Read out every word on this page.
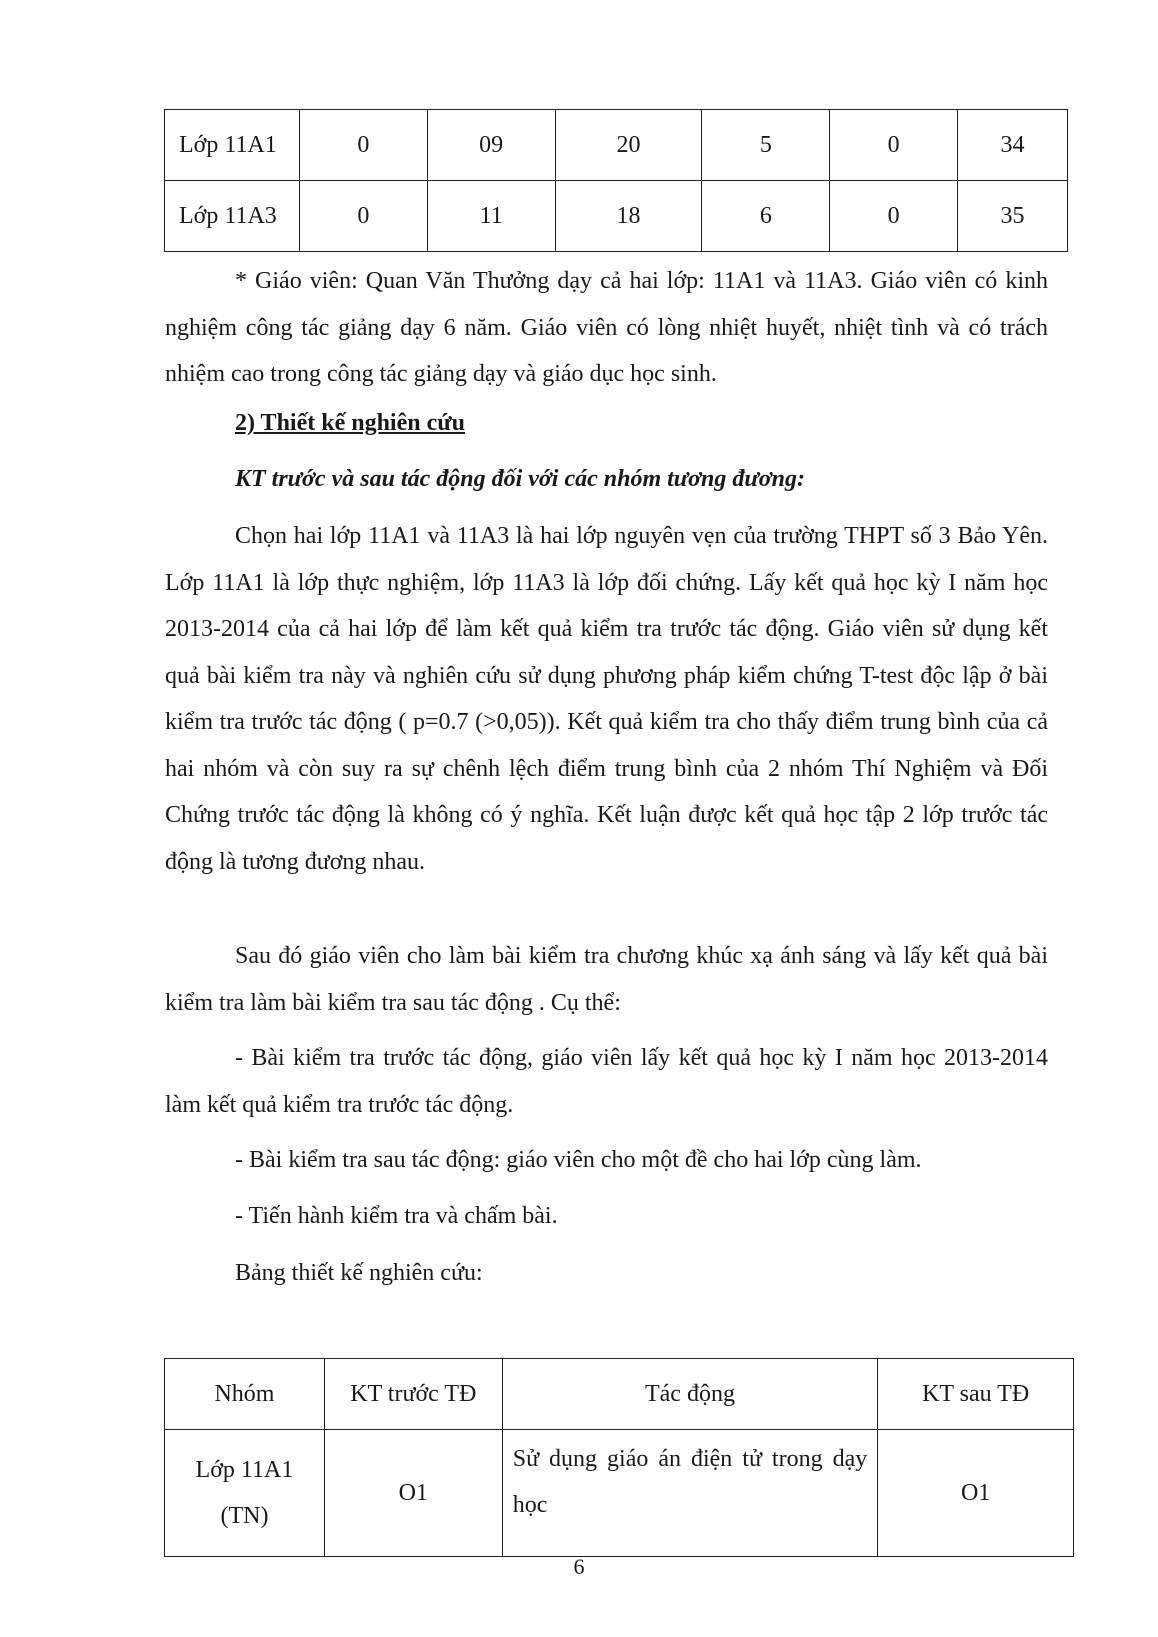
Lớp 11A1	0	09	20	5	0	34
Lớp 11A3	0	11	18	6	0	35
* Giáo viên: Quan Văn Thưởng dạy cả hai lớp: 11A1 và 11A3. Giáo viên có kinh nghiệm công tác giảng dạy 6 năm. Giáo viên có lòng nhiệt huyết, nhiệt tình và có trách nhiệm cao trong công tác giảng dạy và giáo dục học sinh.
2) Thiết kế nghiên cứu
KT trước và sau tác động đối với các nhóm tương đương:
Chọn hai lớp 11A1 và 11A3 là hai lớp nguyên vẹn của trường THPT số 3 Bảo Yên. Lớp 11A1 là lớp thực nghiệm, lớp 11A3 là lớp đối chứng. Lấy kết quả học kỳ I năm học 2013-2014 của cả hai lớp để làm kết quả kiểm tra trước tác động. Giáo viên sử dụng kết quả bài kiểm tra này và nghiên cứu sử dụng phương pháp kiểm chứng T-test độc lập ở bài kiểm tra trước tác động ( p=0.7 (>0,05)). Kết quả kiểm tra cho thấy điểm trung bình của cả hai nhóm và còn suy ra sự chênh lệch điểm trung bình của 2 nhóm Thí Nghiệm và Đối Chứng trước tác động là không có ý nghĩa. Kết luận được kết quả học tập 2 lớp trước tác động là tương đương nhau.
Sau đó giáo viên cho làm bài kiểm tra chương khúc xạ ánh sáng và lấy kết quả bài kiểm tra làm bài kiểm tra sau tác động . Cụ thể:
- Bài kiểm tra trước tác động, giáo viên lấy kết quả học kỳ I năm học 2013-2014 làm kết quả kiểm tra trước tác động.
- Bài kiểm tra sau tác động: giáo viên cho một đề cho hai lớp cùng làm.
- Tiến hành kiểm tra và chấm bài.
Bảng thiết kế nghiên cứu:
Nhóm	KT trước TĐ	Tác động	KT sau TĐ
Lớp 11A1 (TN)	O1	Sử dụng giáo án điện tử trong dạy học	O1
6
